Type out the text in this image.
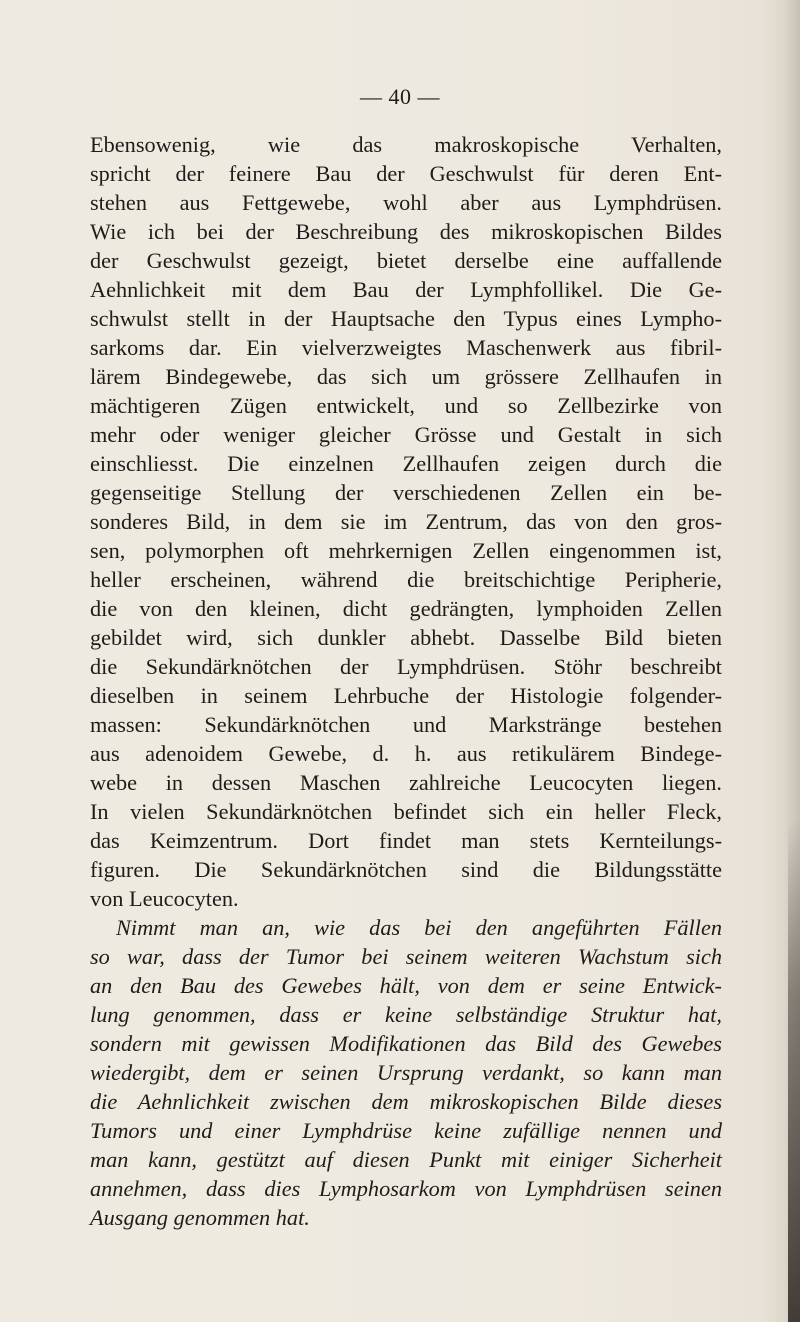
— 40 —
Ebensowenig, wie das makroskopische Verhalten,
spricht der feinere Bau der Geschwulst für deren Ent-
stehen aus Fettgewebe, wohl aber aus Lymphdrüsen.
Wie ich bei der Beschreibung des mikroskopischen Bildes
der Geschwulst gezeigt, bietet derselbe eine auffallende
Aehnlichkeit mit dem Bau der Lymphfollikel. Die Ge-
schwulst stellt in der Hauptsache den Typus eines Lympho-
sarkoms dar. Ein vielverzweigtes Maschenwerk aus fibril-
lärem Bindegewebe, das sich um grössere Zellhaufen in
mächtigeren Zügen entwickelt, und so Zellbezirke von
mehr oder weniger gleicher Grösse und Gestalt in sich
einschliesst. Die einzelnen Zellhaufen zeigen durch die
gegenseitige Stellung der verschiedenen Zellen ein be-
sonderes Bild, in dem sie im Zentrum, das von den gros-
sen, polymorphen oft mehrkernigen Zellen eingenommen ist,
heller erscheinen, während die breitschichtige Peripherie,
die von den kleinen, dicht gedrängten, lymphoiden Zellen
gebildet wird, sich dunkler abhebt. Dasselbe Bild bieten
die Sekundärknötchen der Lymphdrüsen. Stöhr beschreibt
dieselben in seinem Lehrbuche der Histologie folgender-
massen: Sekundärknötchen und Markstränge bestehen
aus adenoidem Gewebe, d. h. aus retikulärem Bindege-
webe in dessen Maschen zahlreiche Leucocyten liegen.
In vielen Sekundärknötchen befindet sich ein heller Fleck,
das Keimzentrum. Dort findet man stets Kernteilungs-
figuren. Die Sekundärknötchen sind die Bildungsstätte
von Leucocyten.
Nimmt man an, wie das bei den angeführten Fällen
so war, dass der Tumor bei seinem weiteren Wachstum sich
an den Bau des Gewebes hält, von dem er seine Entwick-
lung genommen, dass er keine selbständige Struktur hat,
sondern mit gewissen Modifikationen das Bild des Gewebes
wiedergibt, dem er seinen Ursprung verdankt, so kann man
die Aehnlichkeit zwischen dem mikroskopischen Bilde dieses
Tumors und einer Lymphdrüse keine zufällige nennen und
man kann, gestützt auf diesen Punkt mit einiger Sicherheit
annehmen, dass dies Lymphosarkom von Lymphdrüsen seinen
Ausgang genommen hat.
